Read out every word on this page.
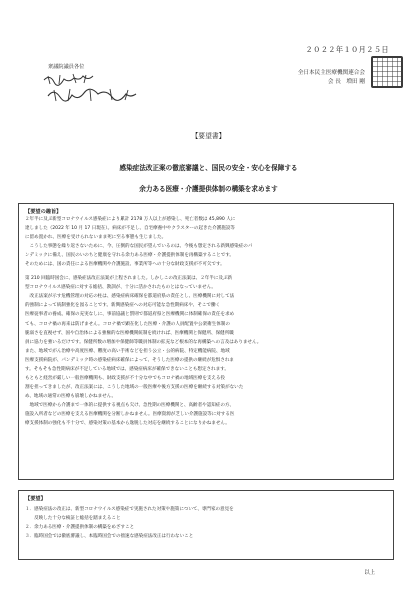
２０２２年１０月２５日
衆議院議員各位
全日本民主医療機関連合会
会 長　増田 剛
【要望書】
感染症法改正案の徹底審議と、国民の安全・安心を保障する
余力ある医療・介護提供体制の構築を求めます
【要望の趣旨】
２年半に及ぶ新型コロナウイルス感染症により累計 2178 万人以上が感染し、死亡者数は 45,890 人に
達しました（2022 年 10 月 17 日現在）。病床が不足し、自宅療養中やクラスターの起きた介護施設等
に留め置かれ、医療を受けられないまま死に至る事態も生じました。
　こうした事態を繰り返さないために、今、圧倒的な国民が望んでいるのは、今後も想定される新興感染症のパ
ンデミックに備え、国民のいのちと健康を守れる余力ある医療・介護提供体制を再構築することです。
そのためには、国の責任による医療機関や介護施設、事業所等への十分な財政支援が不可欠です。
第 210 回臨時国会に、感染症法改正法案が上程されました。しかしこの改正法案は、２年半に及ぶ新
型コロナウイルス感染症に対する総括、教訓が、十分に活かされたものとはなっていません。
　改正法案が示す危機管理の対応の柱は、感染症病床確保を都道府県の責任とし、医療機関に対して法
的強制によって統制強化を図ることです。新興感染症への対応可能な急性期病床や、そこで働く
医療従事者の養成、確保の充実なしに、事前協議と罰則で都道府県と医療機関に体制確保の責任を求め
ても、コロナ禍の再来は防げません。コロナ禍で顕在化した医療・介護の人員配置や公衆衛生体制の
脆弱さを直視せず、国や自治体による強権的な医療機関統制を続ければ、医療機関と保健所、保健所職
員に協力を強いるだけです。保健所数の増加や保健師等職員体制の拡充など根本的な再構築への言及はありません。
また、地域でがん治療や高度医療、難度の高い手術などを担う公立・公的病院、特定機能病院、地域
医療支援病院が、パンデミック時の感染症病床確保によって、そうした医療の提供の継続が危惧されま
す。そもそも急性期病床が不足している地域では、感染症病床が確保できないことも想定されます。
もともと経営が厳しい一般医療機関も、財政支援が不十分な中でもコロナ禍の地域医療を支える役
割を担ってきましたが、改正法案には、こうした地域の一般医療や後方支援の医療を継続する対策がないた
め、地域の通常の医療も崩壊しかねません。
　地域で医療から介護まで一体的に提供する視点も欠け、急性期の医療機関と、高齢者や認知症の方、
施設入所者などの医療を支える医療機関を分断しかねません。医療資源が乏しい介護施設等に対する医
療支援体制の強化も不十分で、感染対策の基本から逸脱した対応を継続することになりかねません。
【要望】
１．感染症法の改正は、新型コロナウイルス感染症で実施された対策や施策について、専門家の意見を
　　反映した十分な検証と総括を踏まえること
２．余力ある医療・介護提供体制の構築をめざすこと
３．臨時国会では徹底審議し、本臨時国会での拙速な感染症法改正は行わないこと
以上
